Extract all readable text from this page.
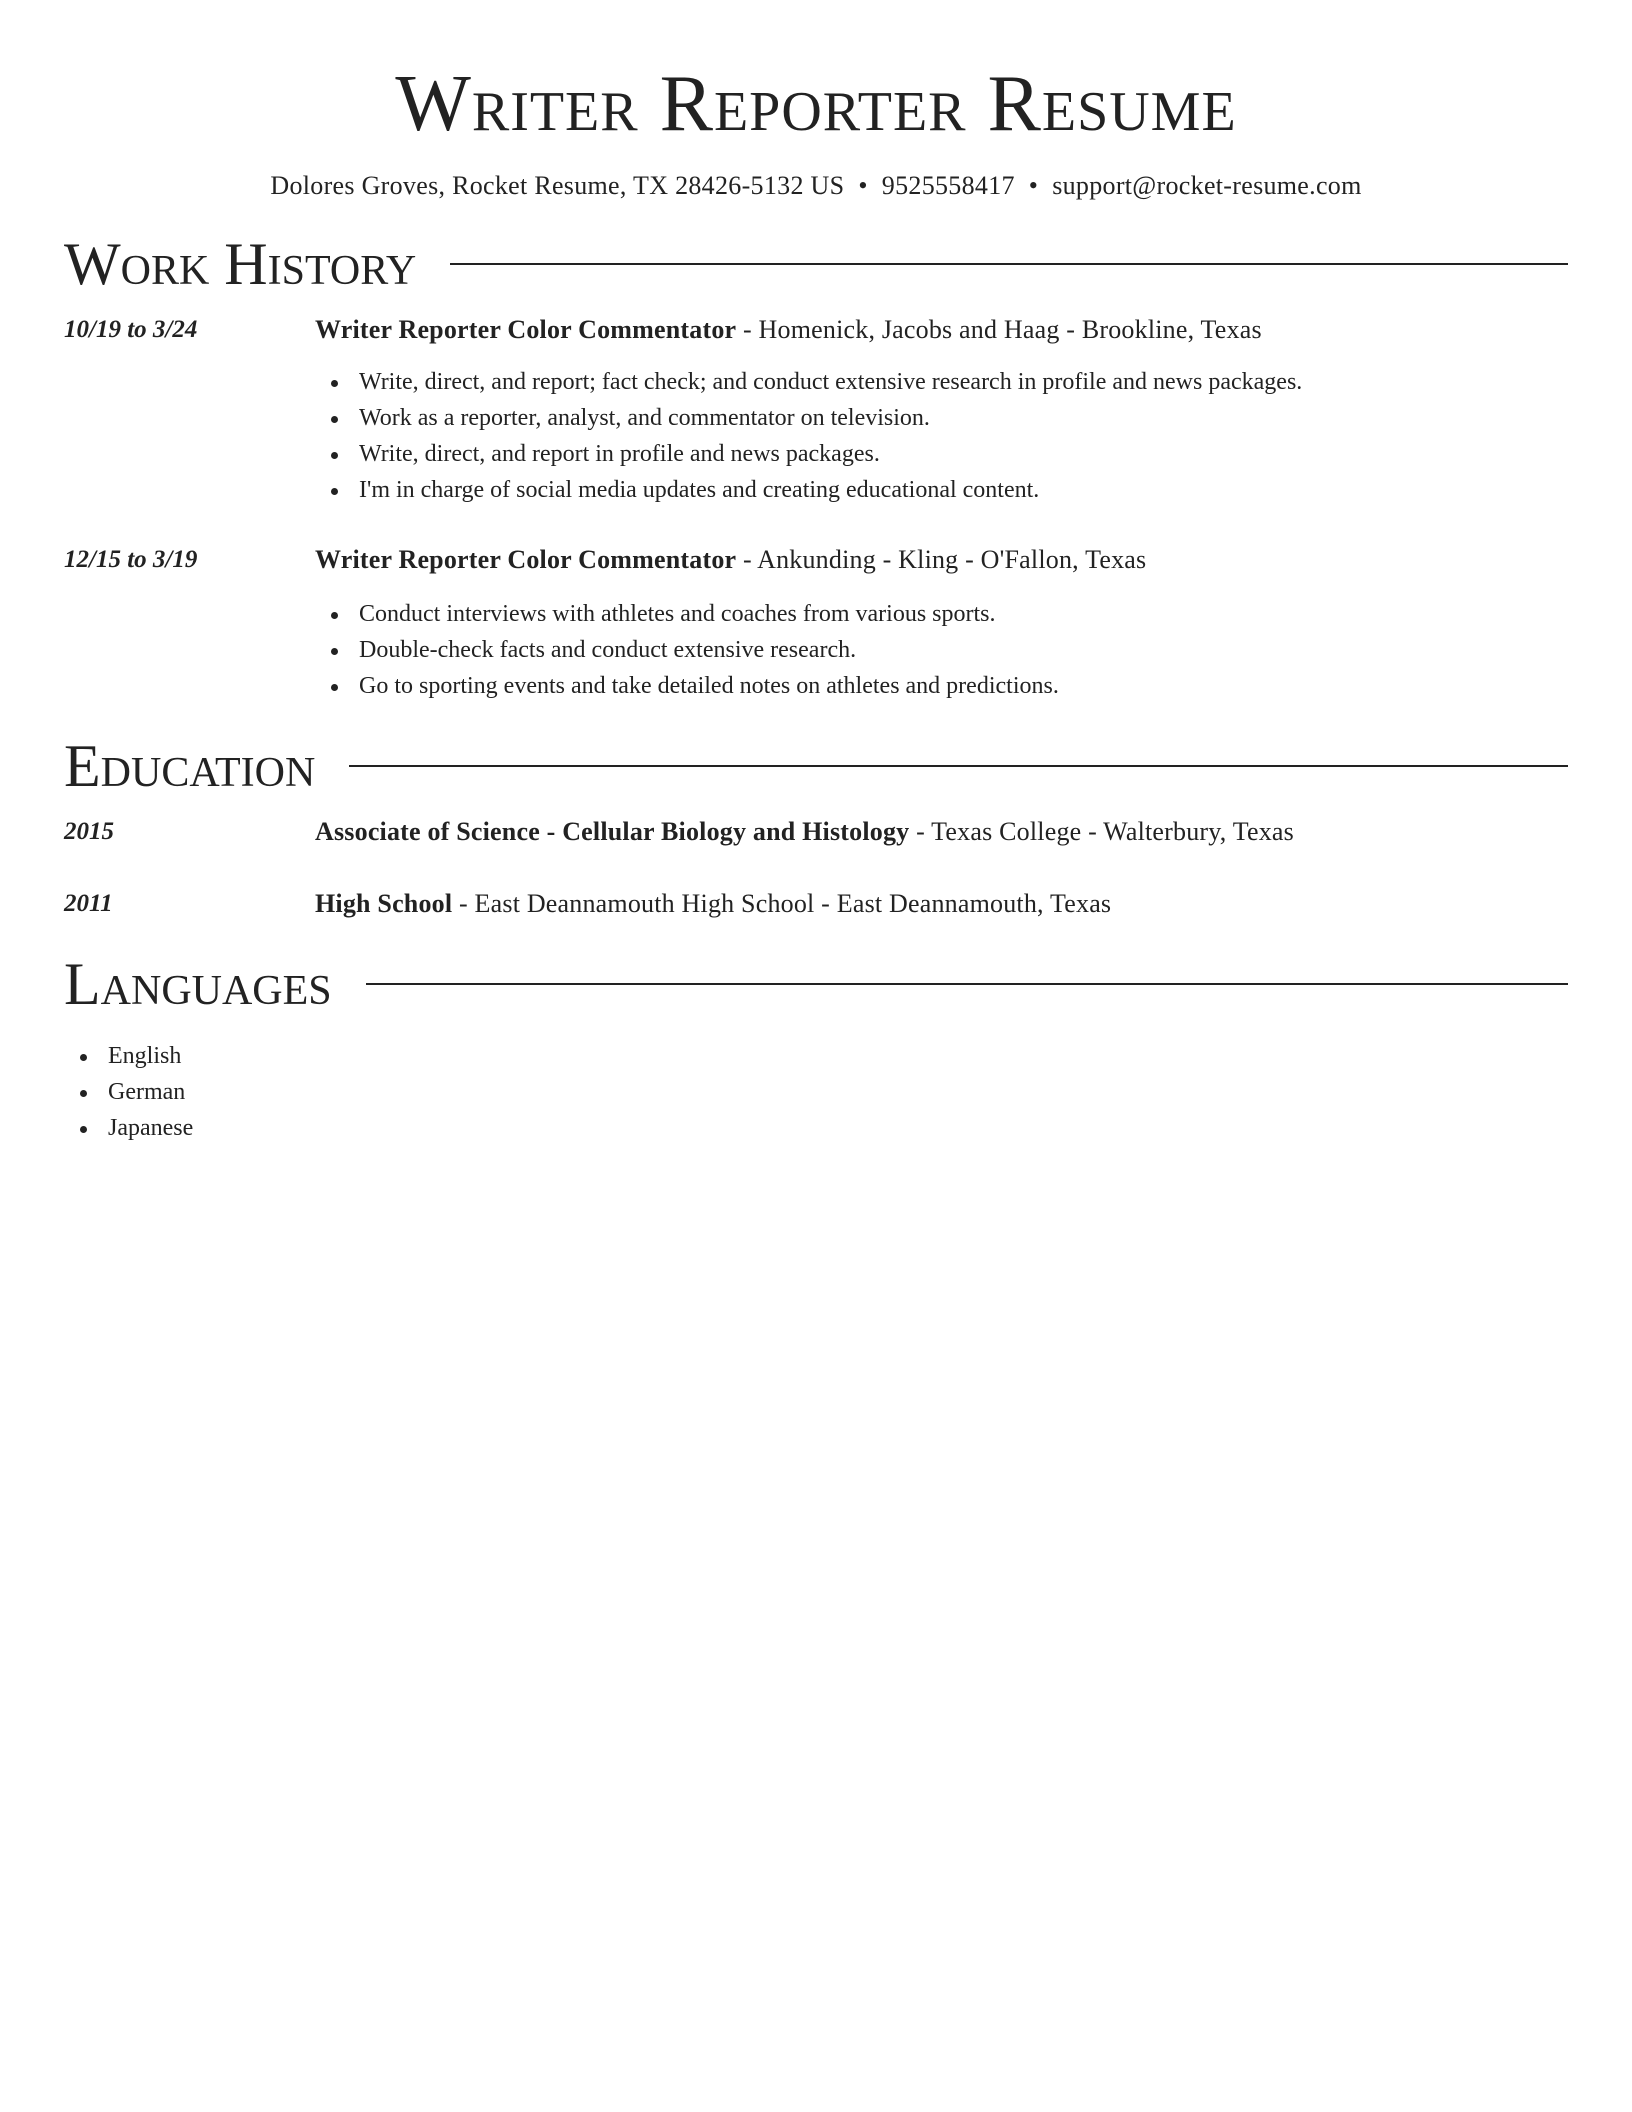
Writer Reporter Resume
Dolores Groves, Rocket Resume, TX 28426-5132 US • 9525558417 • support@rocket-resume.com
Work History
10/19 to 3/24	Writer Reporter Color Commentator - Homenick, Jacobs and Haag - Brookline, Texas
Write, direct, and report; fact check; and conduct extensive research in profile and news packages.
Work as a reporter, analyst, and commentator on television.
Write, direct, and report in profile and news packages.
I'm in charge of social media updates and creating educational content.
12/15 to 3/19	Writer Reporter Color Commentator - Ankunding - Kling - O'Fallon, Texas
Conduct interviews with athletes and coaches from various sports.
Double-check facts and conduct extensive research.
Go to sporting events and take detailed notes on athletes and predictions.
Education
2015	Associate of Science - Cellular Biology and Histology - Texas College - Walterbury, Texas
2011	High School - East Deannamouth High School - East Deannamouth, Texas
Languages
English
German
Japanese
